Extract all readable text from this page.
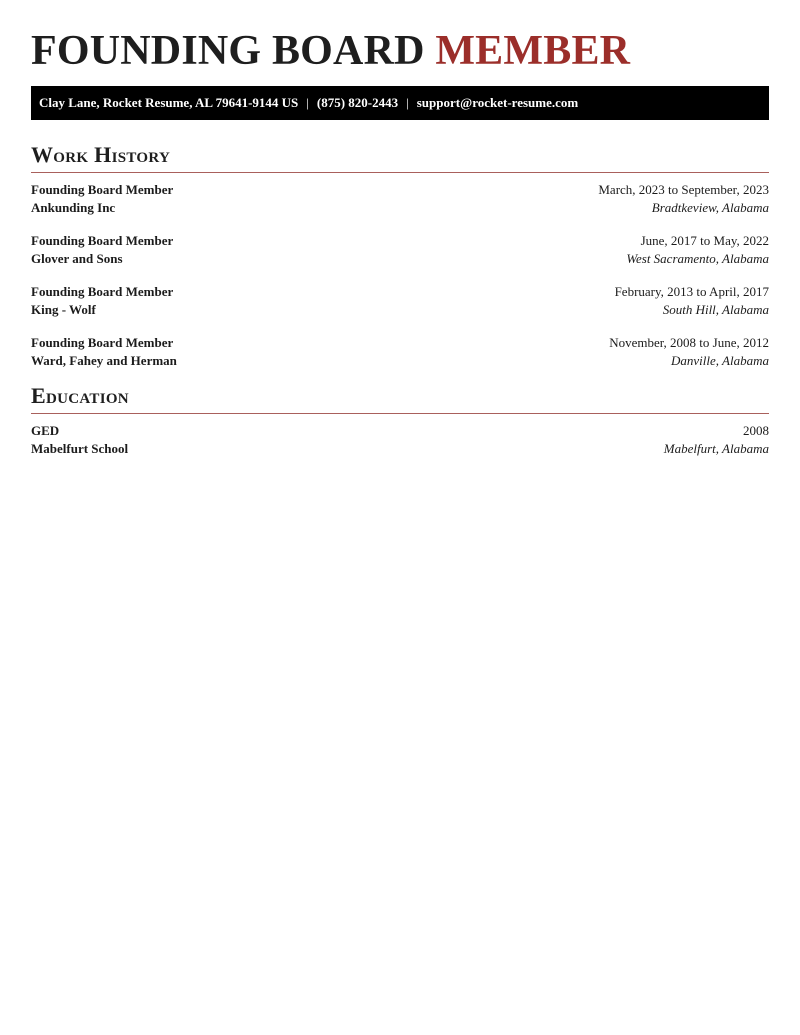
FOUNDING BOARD MEMBER
Clay Lane, Rocket Resume, AL 79641-9144 US | (875) 820-2443 | support@rocket-resume.com
Work History
Founding Board Member	March, 2023 to September, 2023
Ankunding Inc	Bradtkeview, Alabama
Founding Board Member	June, 2017 to May, 2022
Glover and Sons	West Sacramento, Alabama
Founding Board Member	February, 2013 to April, 2017
King - Wolf	South Hill, Alabama
Founding Board Member	November, 2008 to June, 2012
Ward, Fahey and Herman	Danville, Alabama
Education
GED	2008
Mabelfurt School	Mabelfurt, Alabama
